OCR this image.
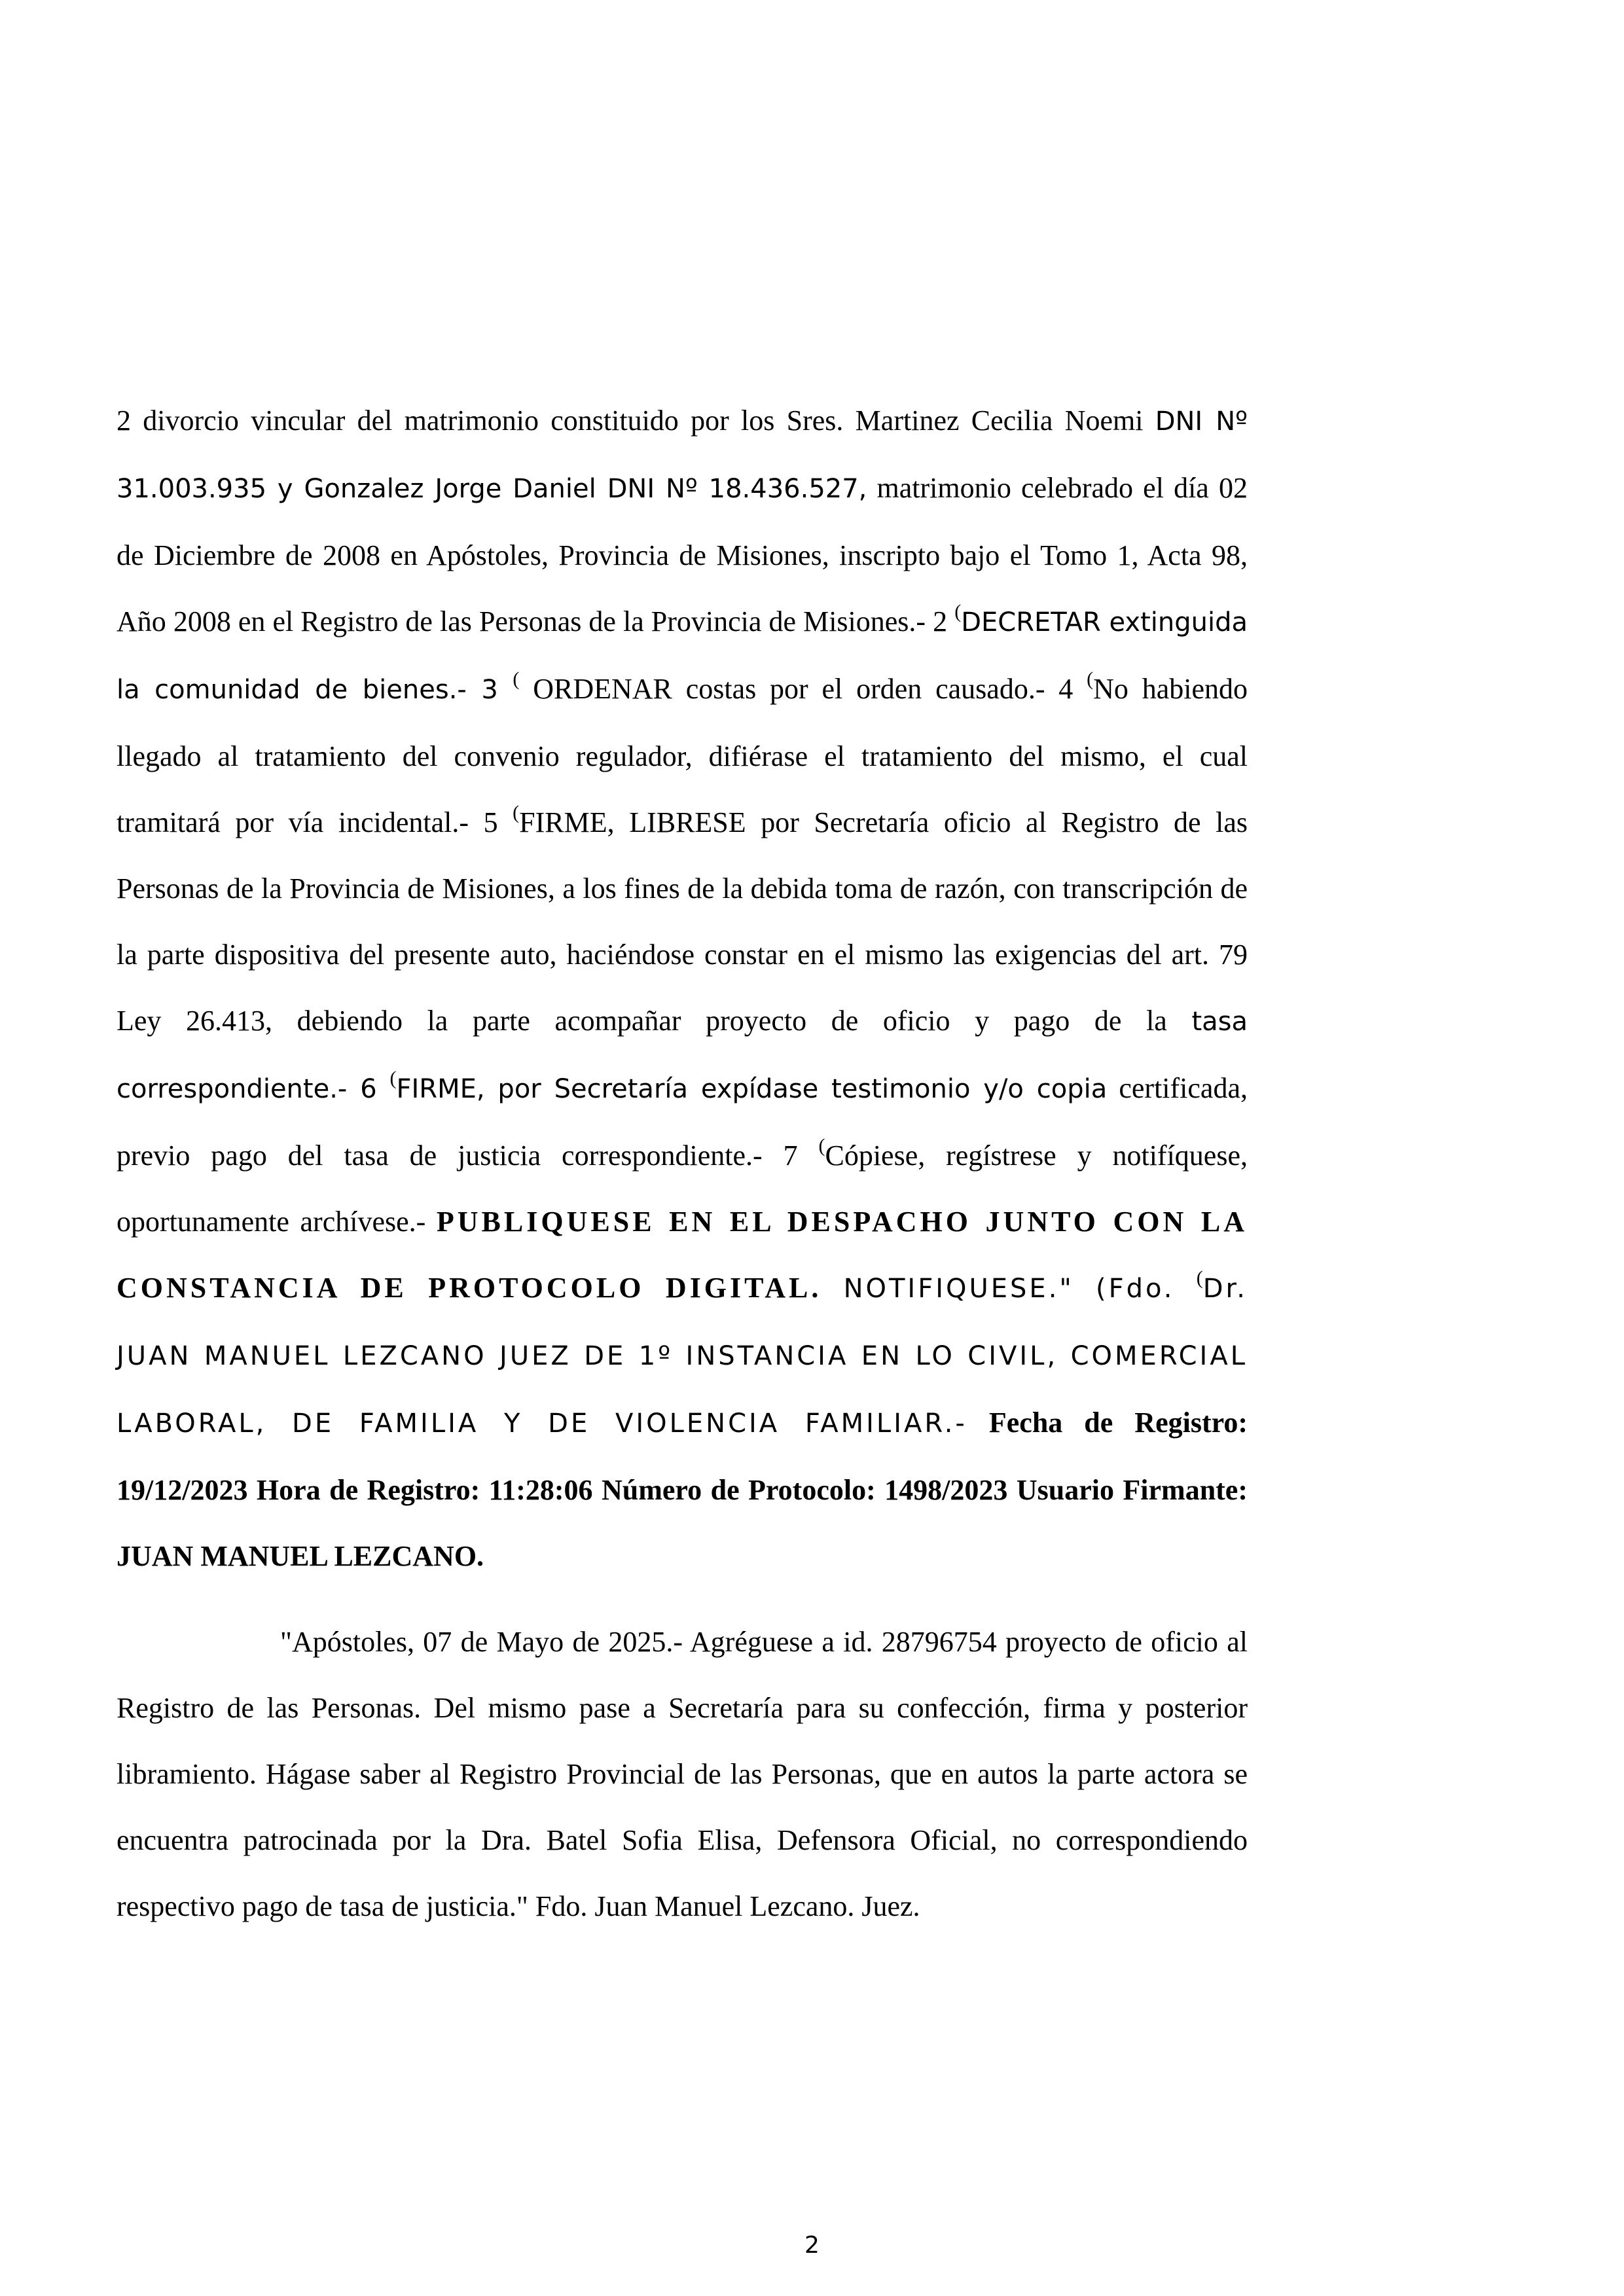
2 divorcio vincular del matrimonio constituido por los Sres. Martinez Cecilia Noemi DNI Nº 31.003.935 y Gonzalez Jorge Daniel DNI Nº 18.436.527, matrimonio celebrado el día 02 de Diciembre de 2008 en Apóstoles, Provincia de Misiones, inscripto bajo el Tomo 1, Acta 98, Año 2008 en el Registro de las Personas de la Provincia de Misiones.- 2 (DECRETAR extinguida la comunidad de bienes.- 3 ( ORDENAR costas por el orden causado.- 4 (No habiendo llegado al tratamiento del convenio regulador, difiérase el tratamiento del mismo, el cual tramitará por vía incidental.- 5 (FIRME, LIBRESE por Secretaría oficio al Registro de las Personas de la Provincia de Misiones, a los fines de la debida toma de razón, con transcripción de la parte dispositiva del presente auto, haciéndose constar en el mismo las exigencias del art. 79 Ley 26.413, debiendo la parte acompañar proyecto de oficio y pago de la tasa correspondiente.- 6 (FIRME, por Secretaría expídase testimonio y/o copia certificada, previo pago del tasa de justicia correspondiente.- 7 (Cópiese, regístrese y notifíquese, oportunamente archívese.- PUBLIQUESE EN EL DESPACHO JUNTO CON LA CONSTANCIA DE PROTOCOLO DIGITAL. NOTIFIQUESE." (Fdo. (Dr. JUAN MANUEL LEZCANO JUEZ DE 1º INSTANCIA EN LO CIVIL, COMERCIAL LABORAL, DE FAMILIA Y DE VIOLENCIA FAMILIAR.- Fecha de Registro: 19/12/2023 Hora de Registro: 11:28:06 Número de Protocolo: 1498/2023 Usuario Firmante: JUAN MANUEL LEZCANO.

"Apóstoles, 07 de Mayo de 2025.- Agréguese a id. 28796754 proyecto de oficio al Registro de las Personas. Del mismo pase a Secretaría para su confección, firma y posterior libramiento. Hágase saber al Registro Provincial de las Personas, que en autos la parte actora se encuentra patrocinada por la Dra. Batel Sofia Elisa, Defensora Oficial, no correspondiendo respectivo pago de tasa de justicia." Fdo. Juan Manuel Lezcano. Juez.

2
